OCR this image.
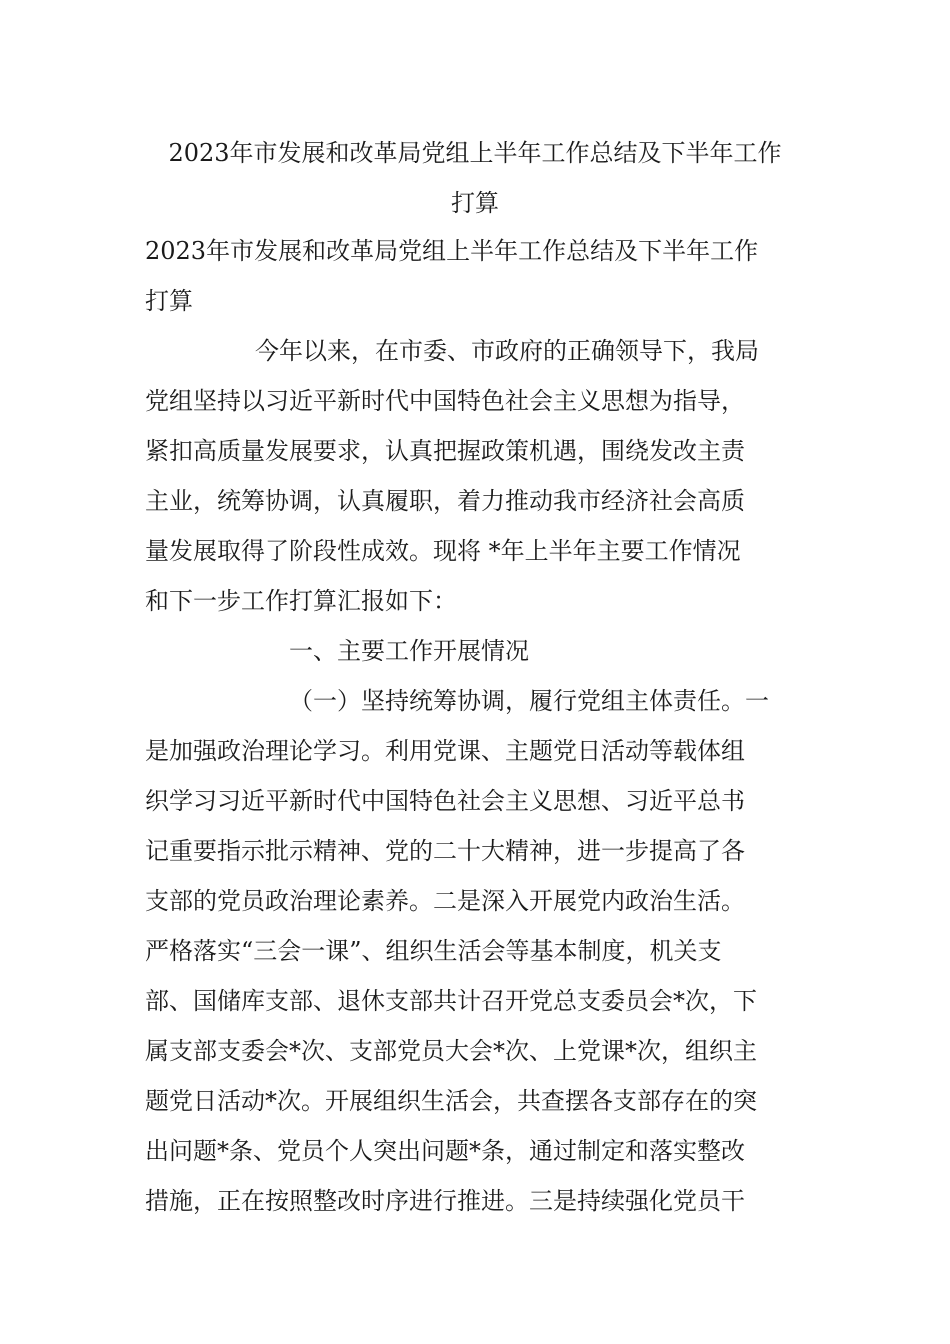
2023年市发展和改革局党组上半年工作总结及下半年工作
打算
2023年市发展和改革局党组上半年工作总结及下半年工作
打算
今年以来，在市委、市政府的正确领导下，我局
党组坚持以习近平新时代中国特色社会主义思想为指导，
紧扣高质量发展要求，认真把握政策机遇，围绕发改主责
主业，统筹协调，认真履职，着力推动我市经济社会高质
量发展取得了阶段性成效。现将 *年上半年主要工作情况
和下一步工作打算汇报如下：
一、主要工作开展情况
（一）坚持统筹协调，履行党组主体责任。一
是加强政治理论学习。利用党课、主题党日活动等载体组
织学习习近平新时代中国特色社会主义思想、习近平总书
记重要指示批示精神、党的二十大精神，进一步提高了各
支部的党员政治理论素养。二是深入开展党内政治生活。
严格落实“三会一课”、组织生活会等基本制度，机关支
部、国储库支部、退休支部共计召开党总支委员会*次，下
属支部支委会*次、支部党员大会*次、上党课*次，组织主
题党日活动*次。开展组织生活会，共查摆各支部存在的突
出问题*条、党员个人突出问题*条，通过制定和落实整改
措施，正在按照整改时序进行推进。三是持续强化党员干
